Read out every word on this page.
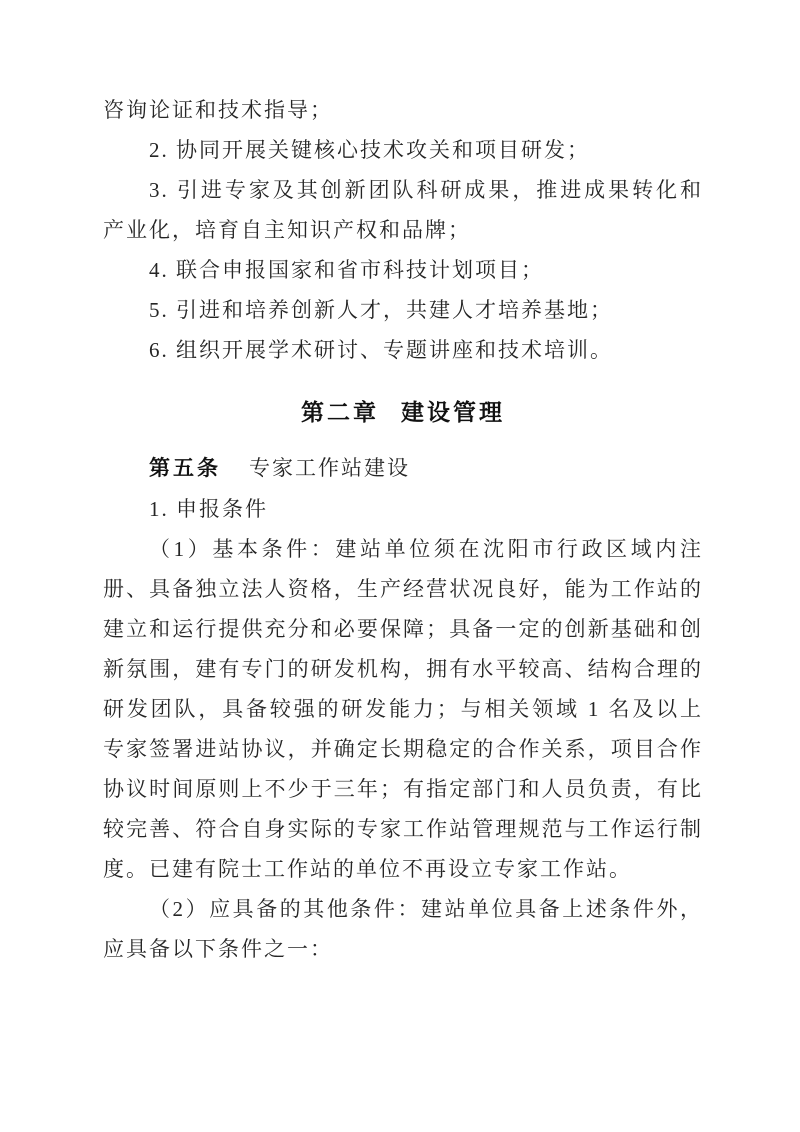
咨询论证和技术指导；

2. 协同开展关键核心技术攻关和项目研发；

3. 引进专家及其创新团队科研成果，推进成果转化和产业化，培育自主知识产权和品牌；

4. 联合申报国家和省市科技计划项目；

5. 引进和培养创新人才，共建人才培养基地；

6. 组织开展学术研讨、专题讲座和技术培训。

第二章 建设管理

第五条 专家工作站建设

1. 申报条件

（1）基本条件：建站单位须在沈阳市行政区域内注册、具备独立法人资格，生产经营状况良好，能为工作站的建立和运行提供充分和必要保障；具备一定的创新基础和创新氛围，建有专门的研发机构，拥有水平较高、结构合理的研发团队，具备较强的研发能力；与相关领域 1 名及以上专家签署进站协议，并确定长期稳定的合作关系，项目合作协议时间原则上不少于三年；有指定部门和人员负责，有比较完善、符合自身实际的专家工作站管理规范与工作运行制度。已建有院士工作站的单位不再设立专家工作站。

（2）应具备的其他条件：建站单位具备上述条件外，应具备以下条件之一：
